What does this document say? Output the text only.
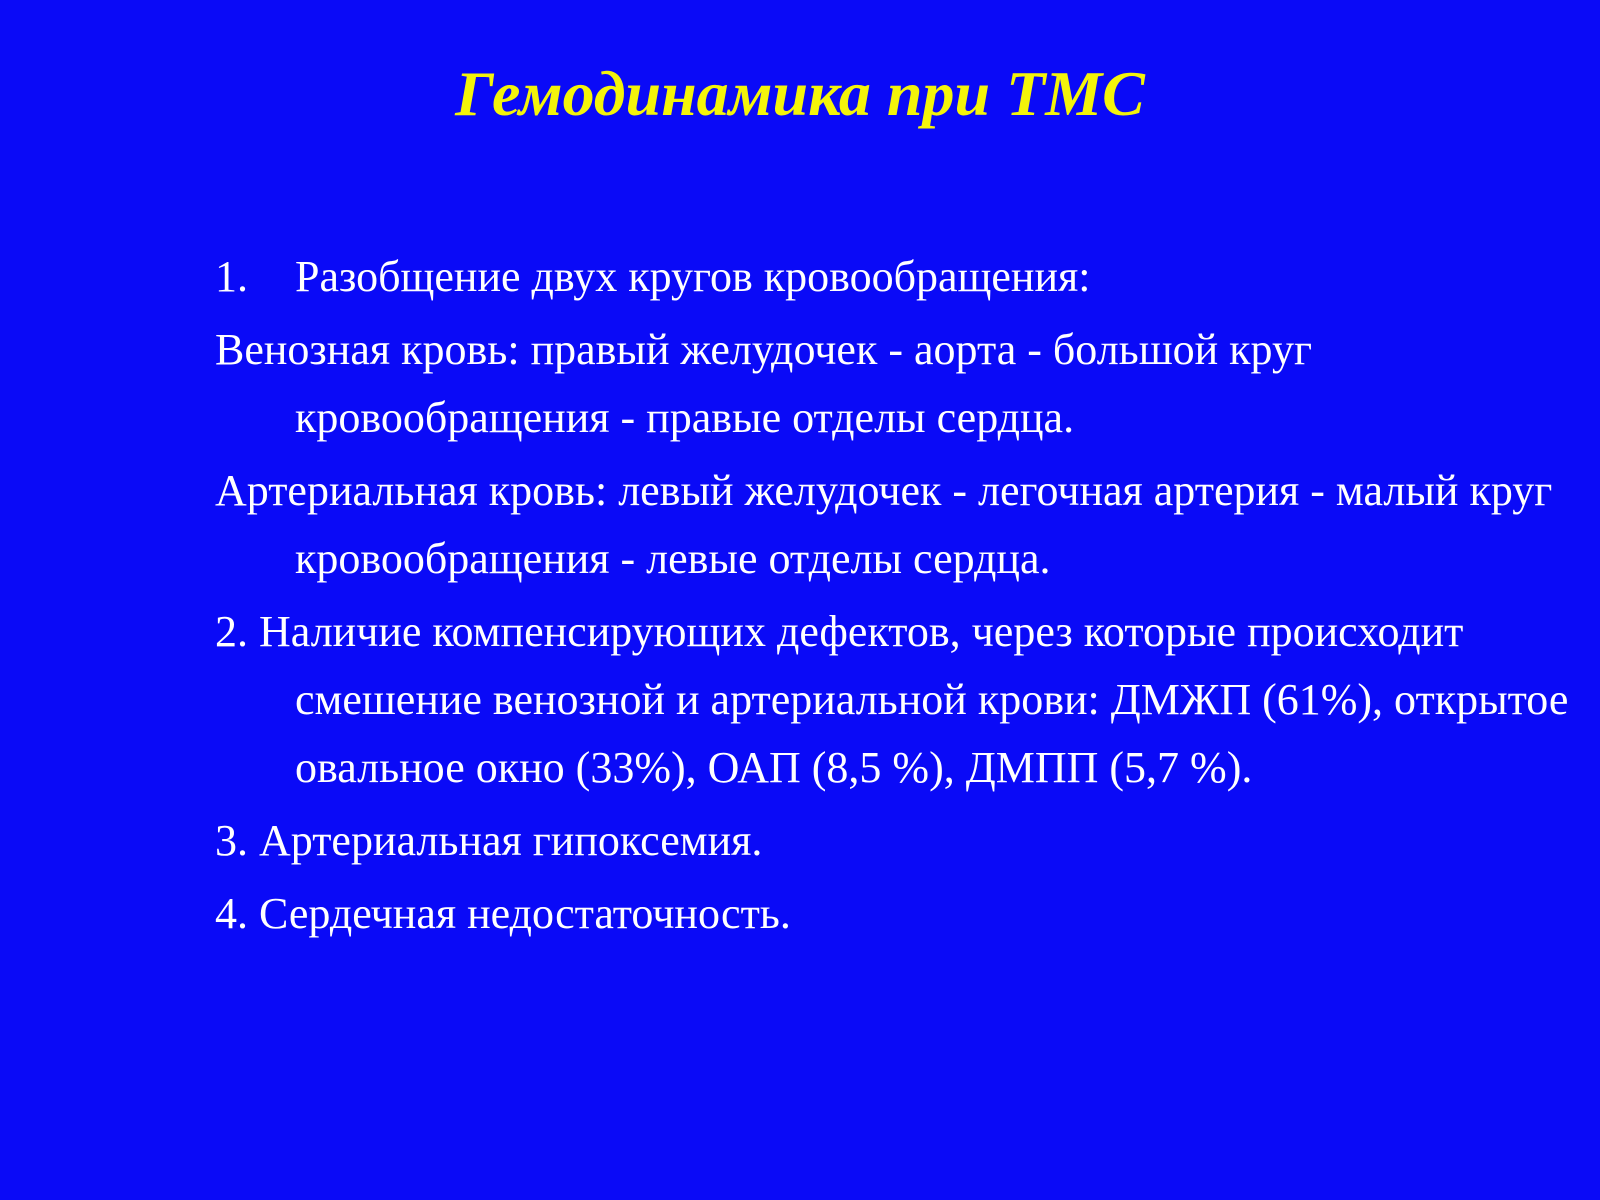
Гемодинамика при ТМС
1.	Разобщение двух кругов кровообращения:
Венозная кровь: правый желудочек - аорта - большой круг кровообращения - правые отделы сердца.
Артериальная кровь: левый желудочек - легочная артерия - малый круг кровообращения - левые отделы сердца.
2. Наличие компенсирующих дефектов, через которые происходит смешение венозной и артериальной крови: ДМЖП (61%), открытое овальное окно (33%), ОАП (8,5 %), ДМПП (5,7 %).
3. Артериальная гипоксемия.
4. Сердечная недостаточность.
